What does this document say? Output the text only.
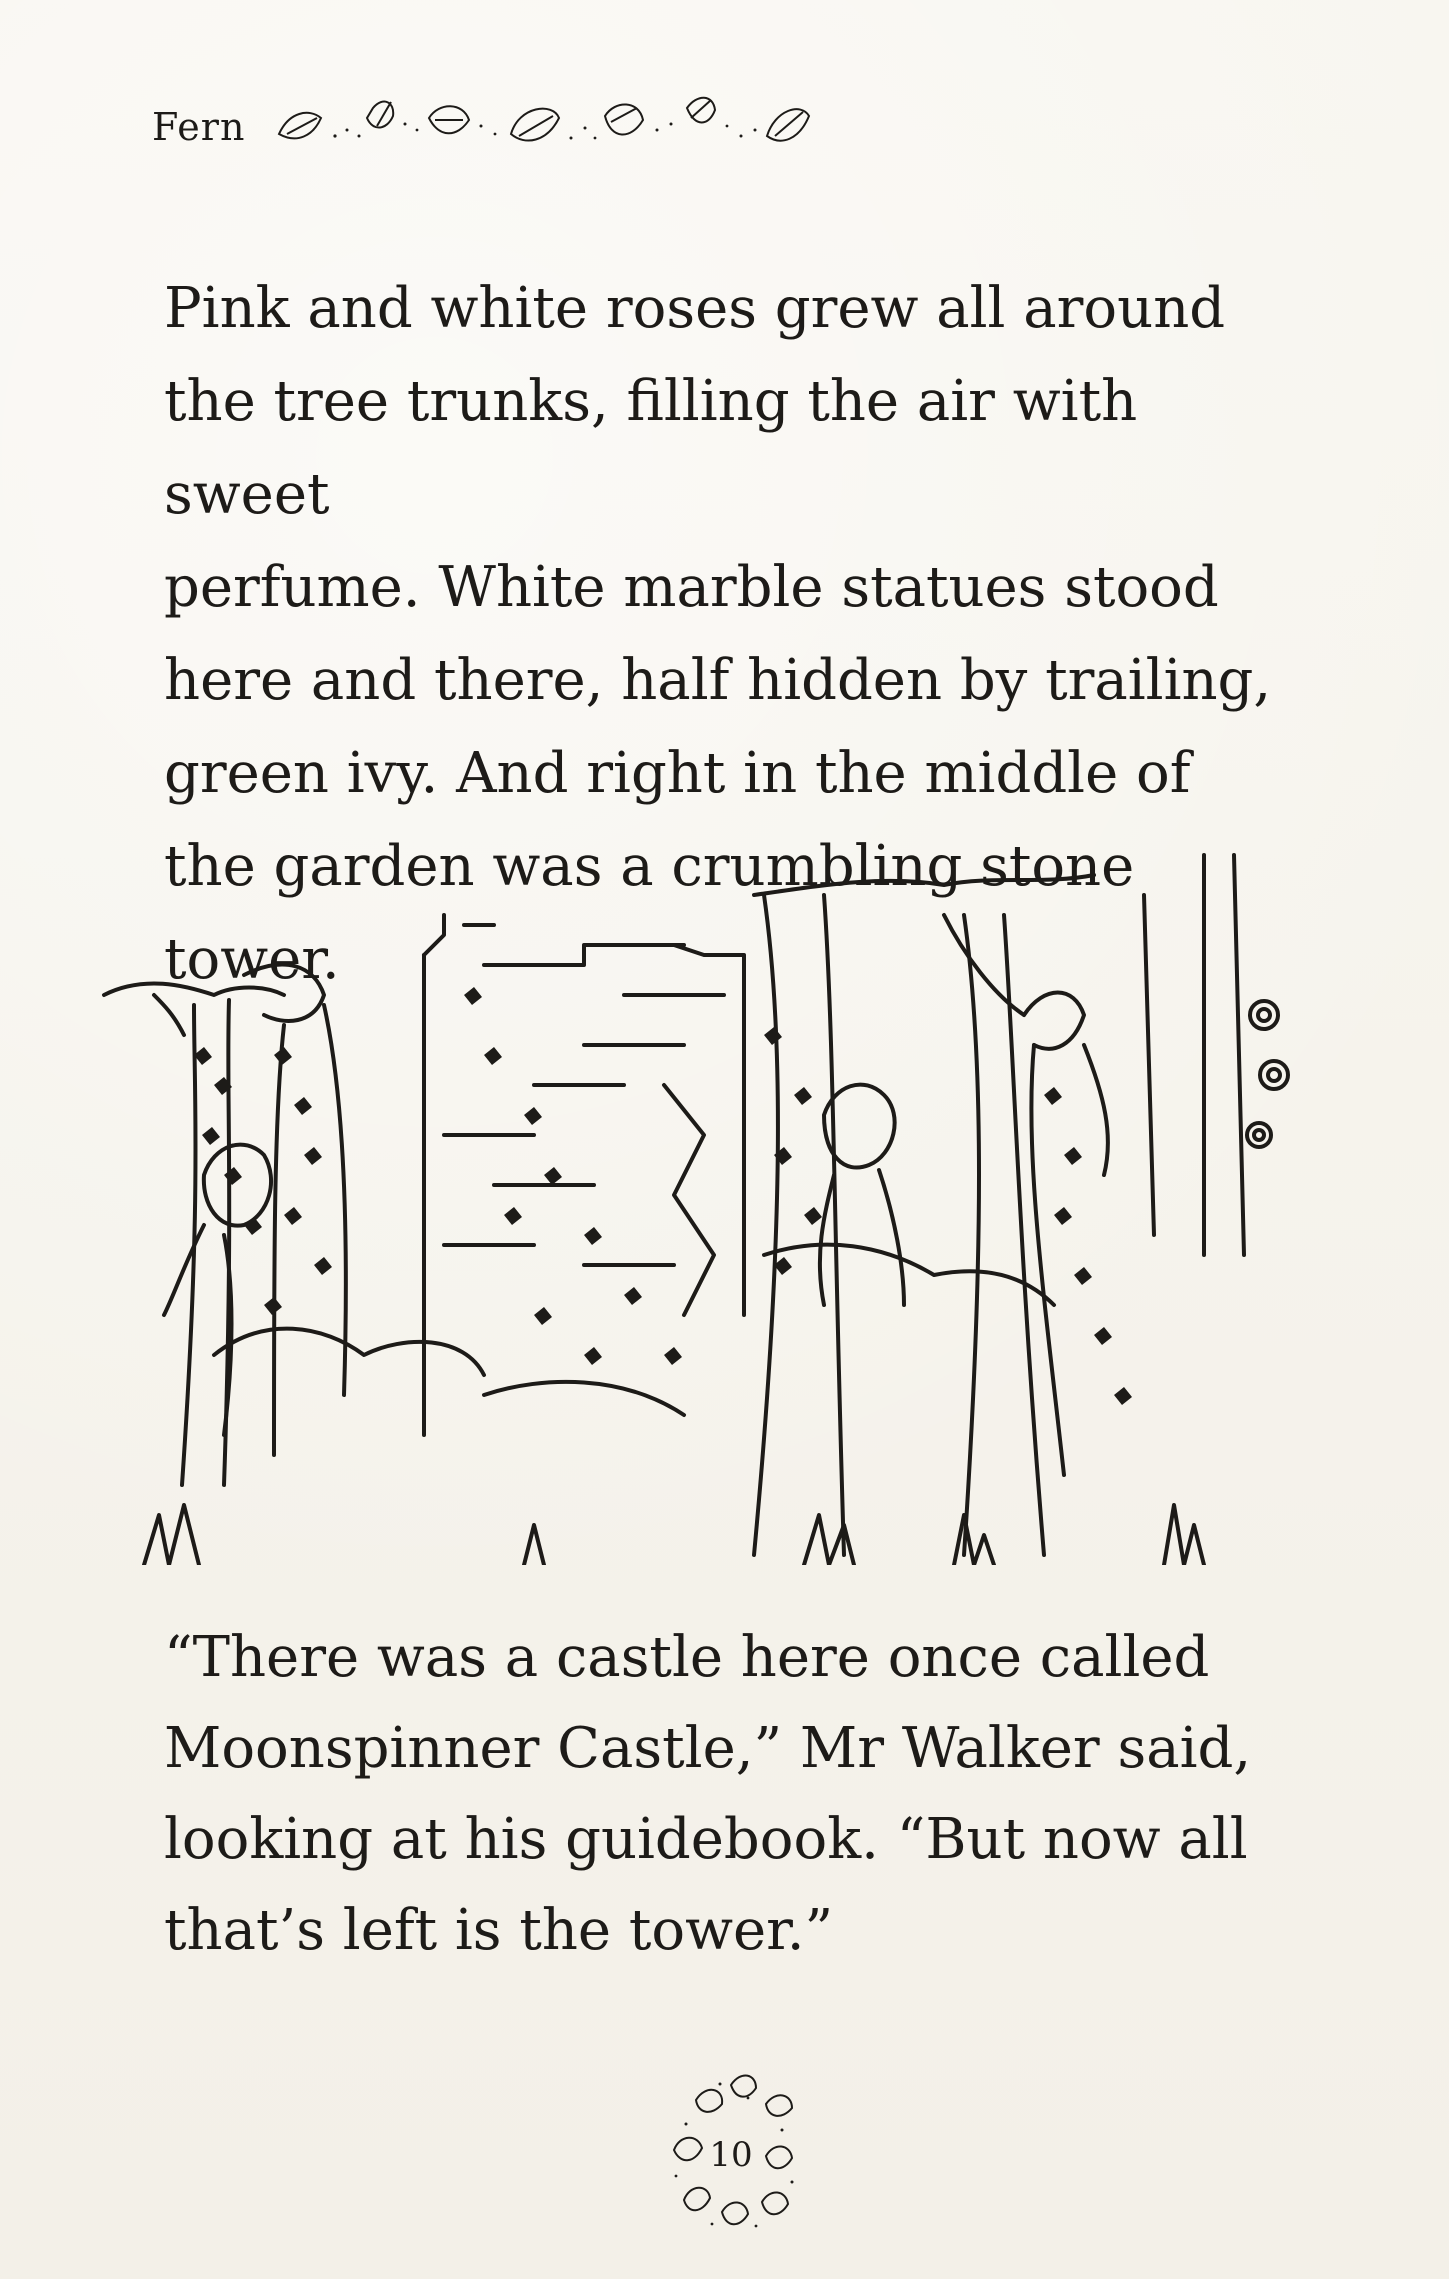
Fern
Pink and white roses grew all around
the tree trunks, filling the air with sweet
perfume. White marble statues stood
here and there, half hidden by trailing,
green ivy. And right in the middle of
the garden was a crumbling stone
tower.
“There was a castle here once called
Moonspinner Castle,” Mr Walker said,
looking at his guidebook. “But now all
that’s left is the tower.”
10
